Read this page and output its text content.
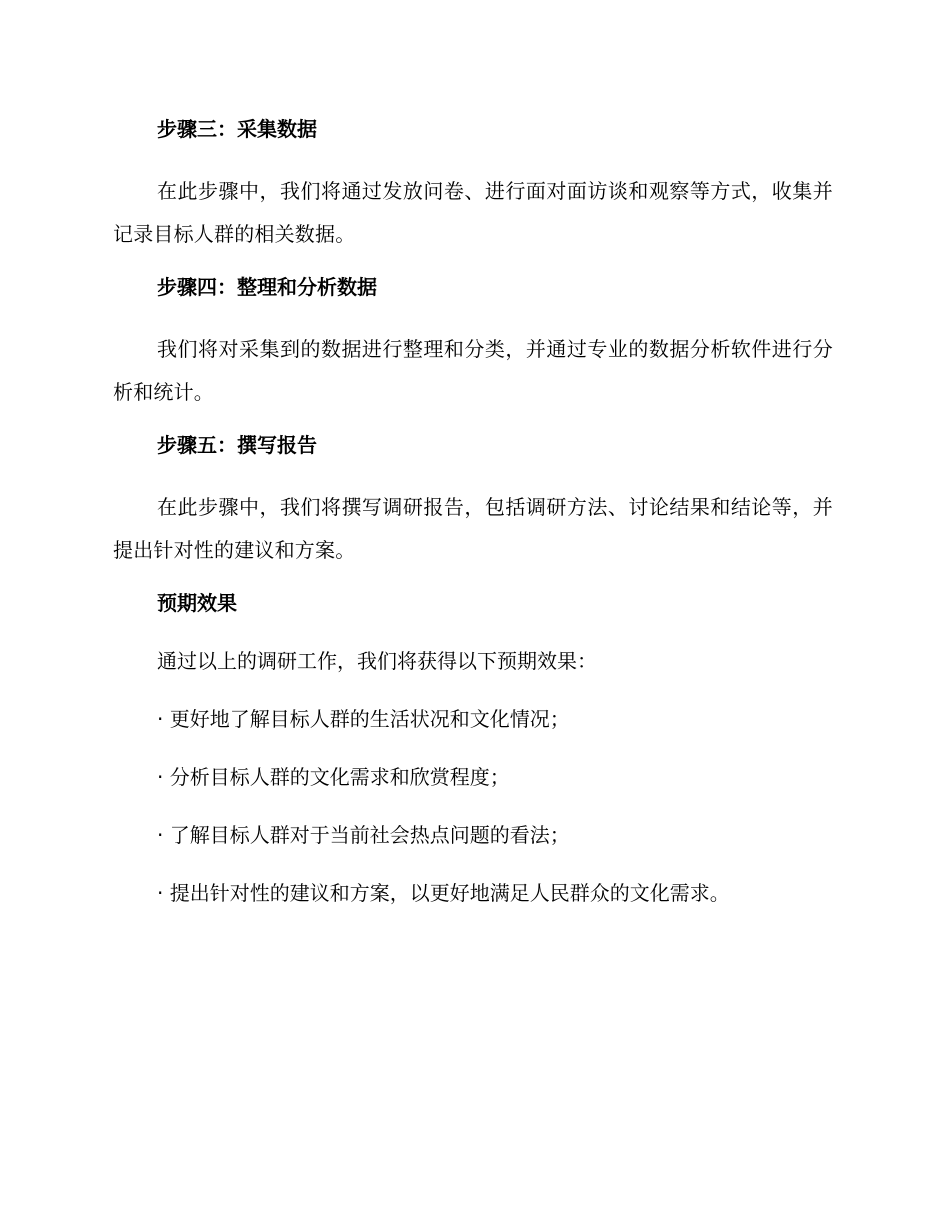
步骤三：采集数据

在此步骤中，我们将通过发放问卷、进行面对面访谈和观察等方式，收集并记录目标人群的相关数据。

步骤四：整理和分析数据

我们将对采集到的数据进行整理和分类，并通过专业的数据分析软件进行分析和统计。

步骤五：撰写报告

在此步骤中，我们将撰写调研报告，包括调研方法、讨论结果和结论等，并提出针对性的建议和方案。

预期效果
通过以上的调研工作，我们将获得以下预期效果：
· 更好地了解目标人群的生活状况和文化情况；
· 分析目标人群的文化需求和欣赏程度；
· 了解目标人群对于当前社会热点问题的看法；
· 提出针对性的建议和方案，以更好地满足人民群众的文化需求。
